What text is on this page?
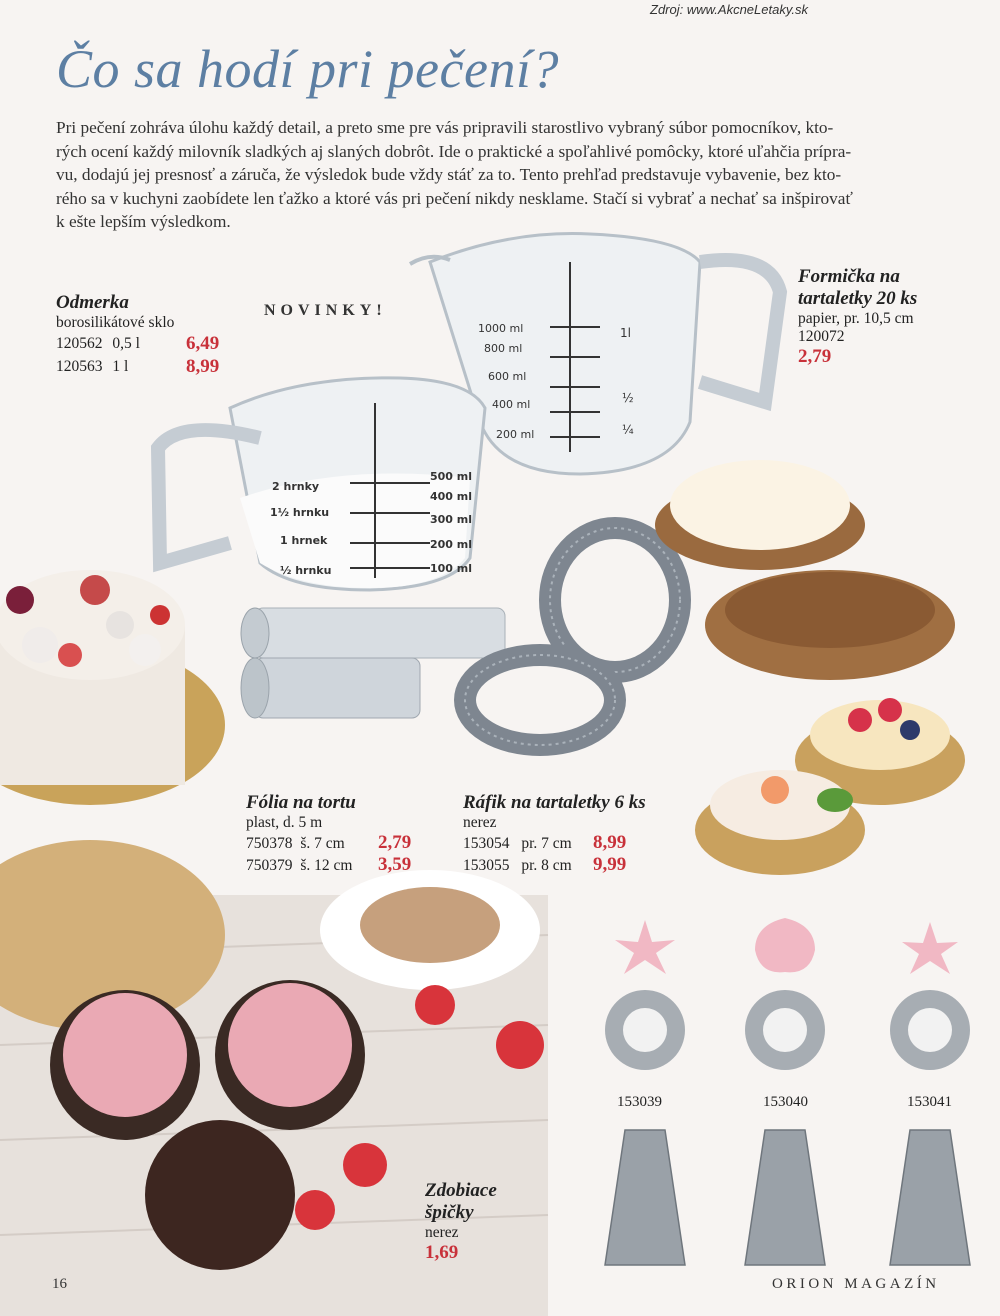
Zdroj: www.AkcneLetaky.sk
Čo sa hodí pri pečení?
Pri pečení zohráva úlohu každý detail, a preto sme pre vás pripravili starostlivo vybraný súbor pomocníkov, kto-
rých ocení každý milovník sladkých aj slaných dobrôt. Ide o praktické a spoľahlivé pomôcky, ktoré uľahčia prípra-
vu, dodajú jej presnosť a záruča, že výsledok bude vždy stáť za to. Tento prehľad predstavuje vybavenie, bez kto-
rého sa v kuchyni zaobídete len ťažko a ktoré vás pri pečení nikdy nesklame. Stačí si vybrať a nechať sa inšpirovať
k ešte lepším výsledkom.
1000 ml
800 ml
600 ml
400 ml
200 ml
1l
½
¼
2 hrnky
1½ hrnku
1 hrnek
½ hrnku
500 ml
400 ml
300 ml
200 ml
100 ml
NOVINKY!
Odmerka
borosilikátové sklo
120562 0,5 l 6,49
120563 1 l	8,99
Formička na
tartaletky 20 ks
papier, pr. 10,5 cm
120072
2,79
Fólia na tortu
plast, d. 5 m
750378 š. 7 cm 2,79
750379 š. 12 cm 3,59
Ráfik na tartaletky 6 ks
nerez
153054 pr. 7 cm 8,99
153055 pr. 8 cm 9,99
153039	153040	153041
Zdobiace
špičky
nerez
1,69
16	ORION MAGAZÍN
